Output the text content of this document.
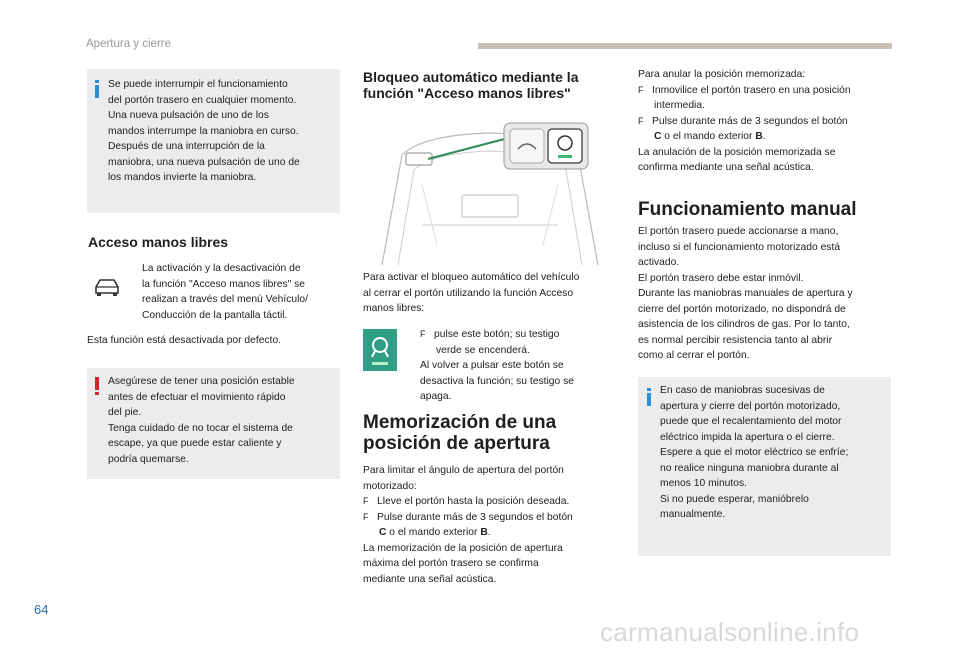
Apertura y cierre

Se puede interrumpir el funcionamiento

del portón trasero en cualquier momento.

Una nueva pulsación de uno de los

mandos interrumpe la maniobra en curso.

Después de una interrupción de la

maniobra, una nueva pulsación de uno de

los mandos invierte la maniobra.

Acceso manos libres

La activación y la desactivación de

la función "Acceso manos libres" se

realizan a través del menú Vehículo/

Conducción de la pantalla táctil.

Esta función está desactivada por defecto.

Asegúrese de tener una posición estable

antes de efectuar el movimiento rápido

del pie.

Tenga cuidado de no tocar el sistema de

escape, ya que puede estar caliente y

podría quemarse.

Bloqueo automático mediante la
función "Acceso manos libres"

Para activar el bloqueo automático del vehículo

al cerrar el portón utilizando la función Acceso

manos libres:

F pulse este botón; su testigo

verde se encenderá.

Al volver a pulsar este botón se

desactiva la función; su testigo se

apaga.

Memorización de una
posición de apertura

Para limitar el ángulo de apertura del portón

motorizado:

F Lleve el portón hasta la posición deseada.

F Pulse durante más de 3 segundos el botón

C o el mando exterior B.

La memorización de la posición de apertura

máxima del portón trasero se confirma

mediante una señal acústica.

Para anular la posición memorizada:

F Inmovilice el portón trasero en una posición

intermedia.

F Pulse durante más de 3 segundos el botón

C o el mando exterior B.

La anulación de la posición memorizada se

confirma mediante una señal acústica.

Funcionamiento manual

El portón trasero puede accionarse a mano,

incluso si el funcionamiento motorizado está

activado.

El portón trasero debe estar inmóvil.

Durante las maniobras manuales de apertura y

cierre del portón motorizado, no dispondrá de

asistencia de los cilindros de gas. Por lo tanto,

es normal percibir resistencia tanto al abrir

como al cerrar el portón.

En caso de maniobras sucesivas de

apertura y cierre del portón motorizado,

puede que el recalentamiento del motor

eléctrico impida la apertura o el cierre.

Espere a que el motor eléctrico se enfríe;

no realice ninguna maniobra durante al

menos 10 minutos.

Si no puede esperar, manióbrelo

manualmente.

64
carmanualsonline.info
